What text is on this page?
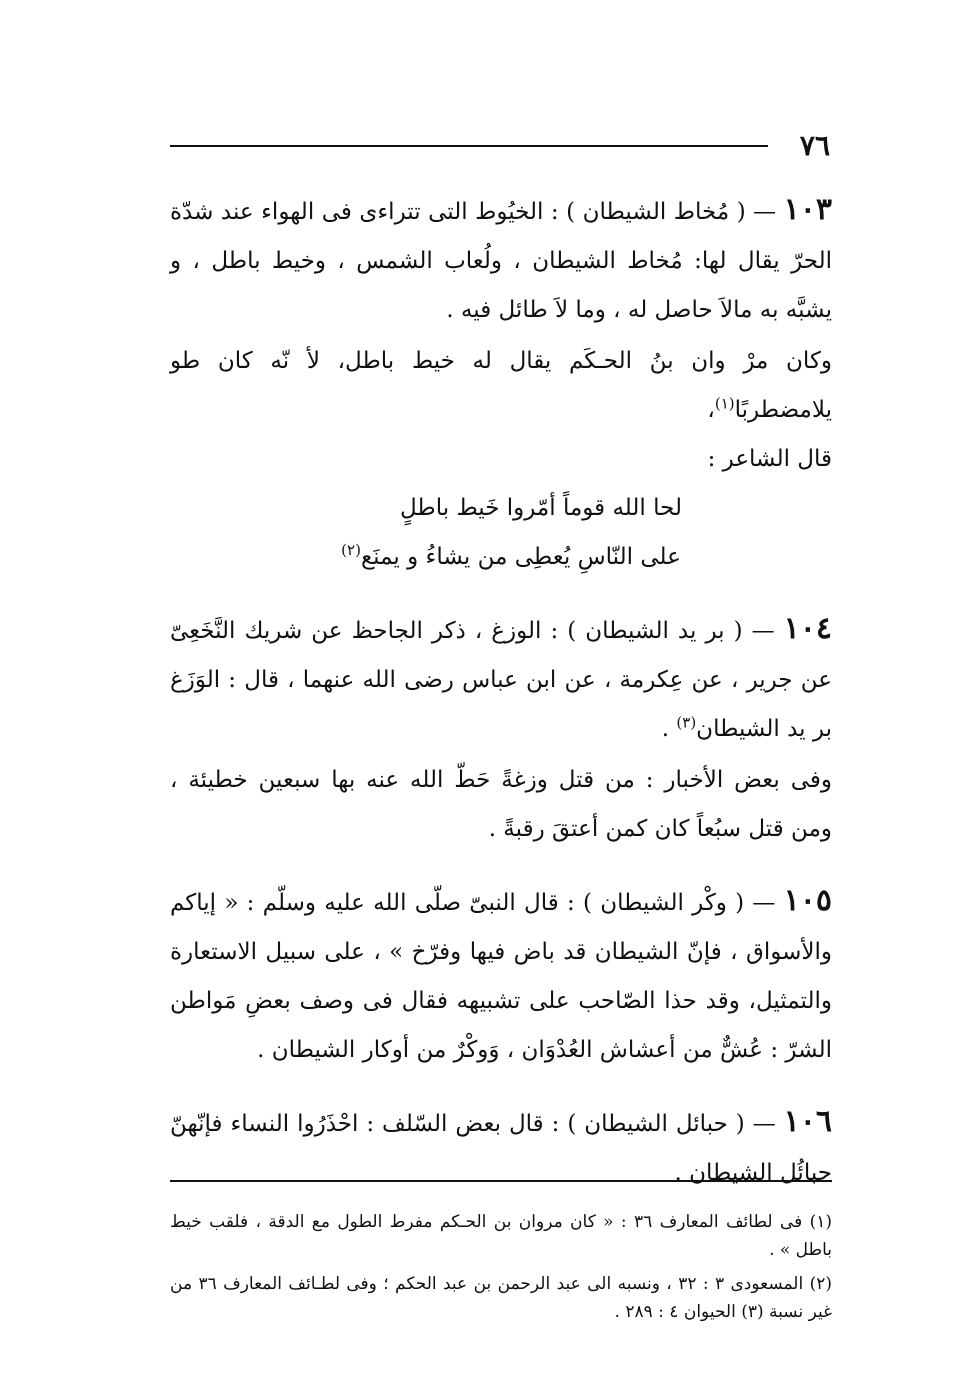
٧٦

١٠٣ — ( مُخاط الشيطان ) : الخيُوط التى تتراءى فى الهواء عند شدّة الحرّ يقال لها: مُخاط الشيطان ، ولُعاب الشمس ، وخيط باطل ، و يشبَّه به مالاَ حاصل له ، وما لاَ طائل فيه .

وكان مرْ وان بنُ الحـكَم يقال له خيط باطل، لأ نّه كان طو يلامضطربًا$^{(١)}$،

قال الشاعر :

لحا الله قوماً أمّروا خَيط باطلٍعلى النّاسِ يُعطِى من يشاءُ و يمنَع(٢)

١٠٤ — ( بر يد الشيطان ) : الوزغ ، ذكر الجاحظ عن شريك النَّخَعِىّ عن جرير ، عن عِكرمة ، عن ابن عباس رضى الله عنهما ، قال : الوَزَغ بر يد الشيطان$^{(٣)}$ .

وفى بعض الأخبار : من قتل وزغةً حَطّ الله عنه بها سبعين خطيئة ، ومن قتل سبُعاً كان كمن أعتقَ رقبةً .

١٠٥ — ( وكْر الشيطان ) : قال النبىّ صلّى الله عليه وسلّم : « إياكم والأسواق ، فإنّ الشيطان قد باض فيها وفرّخ » ، على سبيل الاستعارة والتمثيل، وقد حذا الصّاحب على تشبيهه فقال فى وصف بعضِ مَواطن الشرّ : عُشٌّ من أعشاش العُدْوَان ، وَوكْرٌ من أوكار الشيطان .

١٠٦ — ( حبائل الشيطان ) : قال بعض السّلف : احْذَرُوا النساء فإنّهنّ حبائُل الشيطان .

(١) فى لطائف المعارف ٣٦ : « كان مروان بن الحـكم مفرط الطول مع الدقة ، فلقب خيط باطل » .

(٢) المسعودى ٣ : ٣٢ ، ونسبه الى عبد الرحمن بن عبد الحكم ؛ وفى لطـائف المعارف ٣٦ من غير نسبة (٣) الحيوان ٤ : ٢٨٩ .
